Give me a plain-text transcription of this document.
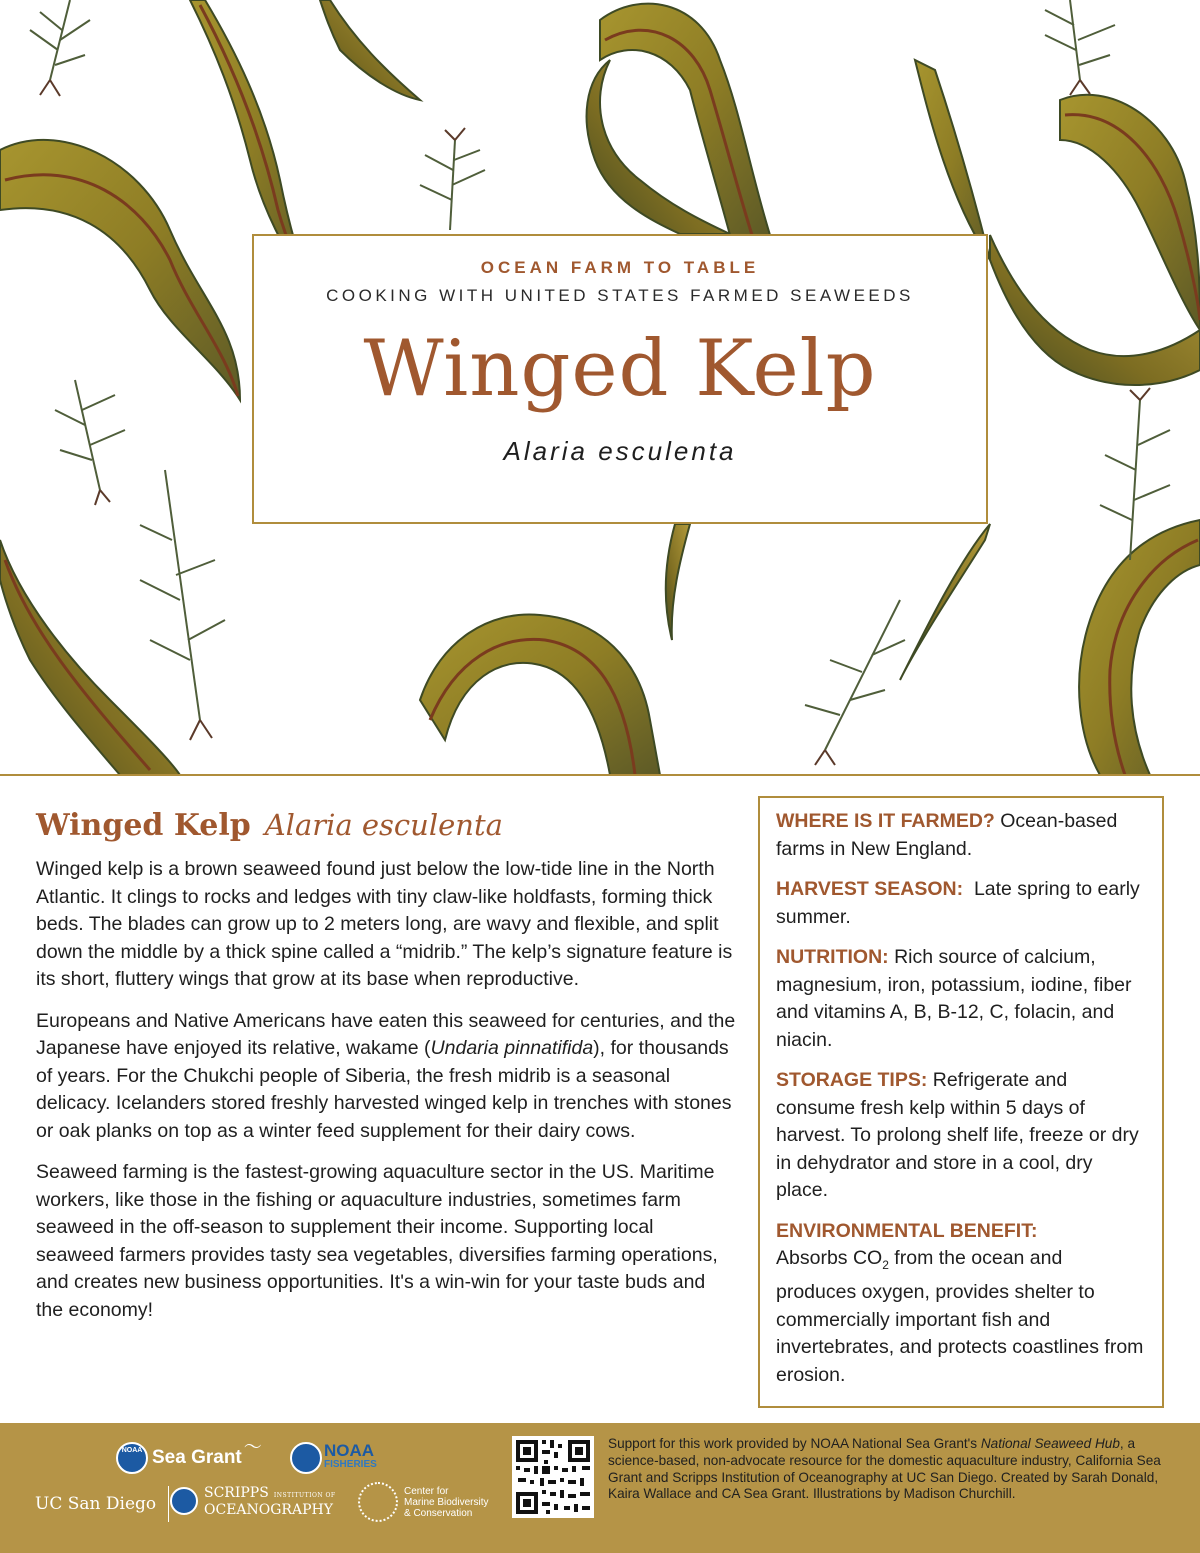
OCEAN FARM TO TABLE
COOKING WITH UNITED STATES FARMED SEAWEEDS
Winged Kelp
Alaria esculenta
Winged Kelp Alaria esculenta

Winged kelp is a brown seaweed found just below the low-tide line in the North Atlantic. It clings to rocks and ledges with tiny claw-like holdfasts, forming thick beds. The blades can grow up to 2 meters long, are wavy and flexible, and split down the middle by a thick spine called a “midrib.” The kelp’s signature feature is its short, fluttery wings that grow at its base when reproductive.

Europeans and Native Americans have eaten this seaweed for centuries, and the Japanese have enjoyed its relative, wakame (Undaria pinnatifida), for thousands of years. For the Chukchi people of Siberia, the fresh midrib is a seasonal delicacy. Icelanders stored freshly harvested winged kelp in trenches with stones or oak planks on top as a winter feed supplement for their dairy cows.

Seaweed farming is the fastest-growing aquaculture sector in the US. Maritime workers, like those in the fishing or aquaculture industries, sometimes farm seaweed in the off-season to supplement their income. Supporting local seaweed farmers provides tasty sea vegetables, diversifies farming operations, and creates new business opportunities. It's a win-win for your taste buds and the economy!

WHERE IS IT FARMED? Ocean-based farms in New England.

HARVEST SEASON: Late spring to early summer.

NUTRITION: Rich source of calcium, magnesium, iron, potassium, iodine, fiber and vitamins A, B, B-12, C, folacin, and niacin.

STORAGE TIPS: Refrigerate and consume fresh kelp within 5 days of harvest. To prolong shelf life, freeze or dry in dehydrator and store in a cool, dry place.

ENVIRONMENTAL BENEFIT:
Absorbs $CO_2$ from the ocean and produces oxygen, provides shelter to commercially important fish and invertebrates, and protects coastlines from erosion.

NOAA Sea Grant 〜	NOAA
FISHERIES
UC San Diego
SCRIPPS INSTITUTION OF
OCEANOGRAPHY
Center for
Marine Biodiversity
& Conservation
Support for this work provided by NOAA National Sea Grant's National Seaweed Hub, a science-based, non-advocate resource for the domestic aquaculture industry, California Sea Grant and Scripps Institution of Oceanography at UC San Diego. Created by Sarah Donald, Kaira Wallace and CA Sea Grant. Illustrations by Madison Churchill.
